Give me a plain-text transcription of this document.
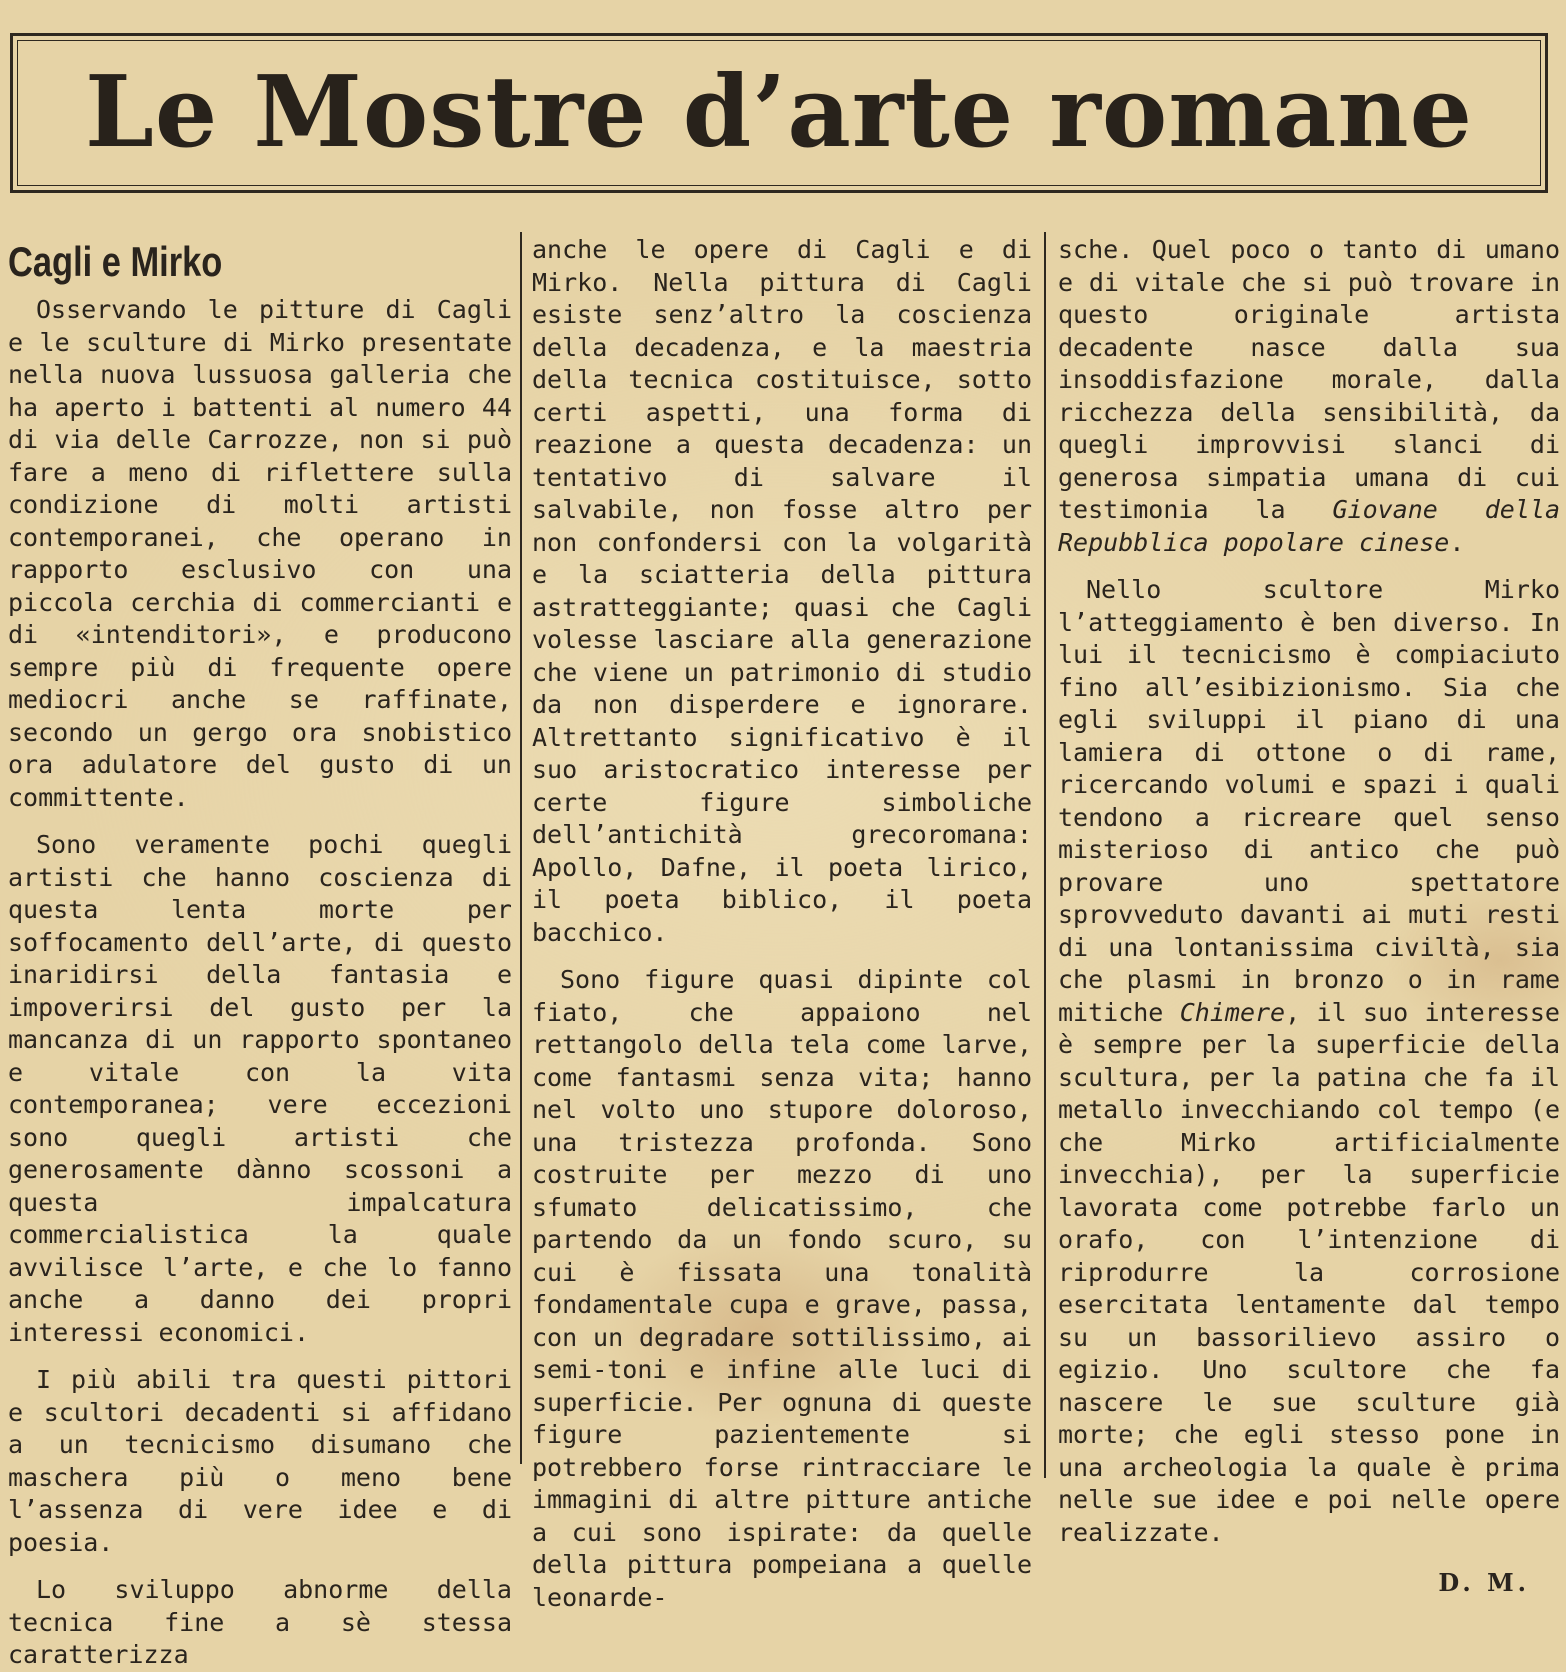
Le Mostre d’arte romane
Cagli e Mirko

Osservando le pitture di Cagli e le sculture di Mirko presentate nella nuova lussuosa galleria che ha aperto i battenti al numero 44 di via delle Carrozze, non si può fare a meno di riflettere sulla condizione di molti artisti contemporanei, che operano in rapporto esclusivo con una piccola cerchia di commercianti e di «intenditori», e producono sempre più di frequente opere mediocri anche se raffinate, secondo un gergo ora snobistico ora adulatore del gusto di un committente.

Sono veramente pochi quegli artisti che hanno coscienza di questa lenta morte per soffocamento dell’arte, di questo inaridirsi della fantasia e impoverirsi del gusto per la mancanza di un rapporto spontaneo e vitale con la vita contemporanea; vere eccezioni sono quegli artisti che generosamente dànno scossoni a questa impalcatura commercialistica la quale avvilisce l’arte, e che lo fanno anche a danno dei propri interessi economici.

I più abili tra questi pittori e scultori decadenti si affidano a un tecnicismo disumano che maschera più o meno bene l’assenza di vere idee e di poesia.

Lo sviluppo abnorme della tecnica fine a sè stessa caratterizza

anche le opere di Cagli e di Mirko. Nella pittura di Cagli esiste senz’altro la coscienza della decadenza, e la maestria della tecnica costituisce, sotto certi aspetti, una forma di reazione a questa decadenza: un tentativo di salvare il salvabile, non fosse altro per non confondersi con la volgarità e la sciatteria della pittura astratteggiante; quasi che Cagli volesse lasciare alla generazione che viene un patrimonio di studio da non disperdere e ignorare. Altrettanto significativo è il suo aristocratico interesse per certe figure simboliche dell’antichità grecoromana: Apollo, Dafne, il poeta lirico, il poeta biblico, il poeta bacchico.

Sono figure quasi dipinte col fiato, che appaiono nel rettangolo della tela come larve, come fantasmi senza vita; hanno nel volto uno stupore doloroso, una tristezza profonda. Sono costruite per mezzo di uno sfumato delicatissimo, che partendo da un fondo scuro, su cui è fissata una tonalità fondamentale cupa e grave, passa, con un degradare sottilissimo, ai semi-toni e infine alle luci di superficie. Per ognuna di queste figure pazientemente si potrebbero forse rintracciare le immagini di altre pitture antiche a cui sono ispirate: da quelle della pittura pompeiana a quelle leonarde-

sche. Quel poco o tanto di umano e di vitale che si può trovare in questo originale artista decadente nasce dalla sua insoddisfazione morale, dalla ricchezza della sensibilità, da quegli improvvisi slanci di generosa simpatia umana di cui testimonia la Giovane della Repubblica popolare cinese.

Nello scultore Mirko l’atteggiamento è ben diverso. In lui il tecnicismo è compiaciuto fino all’esibizionismo. Sia che egli sviluppi il piano di una lamiera di ottone o di rame, ricercando volumi e spazi i quali tendono a ricreare quel senso misterioso di antico che può provare uno spettatore sprovveduto davanti ai muti resti di una lontanissima civiltà, sia che plasmi in bronzo o in rame mitiche Chimere, il suo interesse è sempre per la superficie della scultura, per la patina che fa il metallo invecchiando col tempo (e che Mirko artificialmente invecchia), per la superficie lavorata come potrebbe farlo un orafo, con l’intenzione di riprodurre la corrosione esercitata lentamente dal tempo su un bassorilievo assiro o egizio. Uno scultore che fa nascere le sue sculture già morte; che egli stesso pone in una archeologia la quale è prima nelle sue idee e poi nelle opere realizzate.

D. M.
